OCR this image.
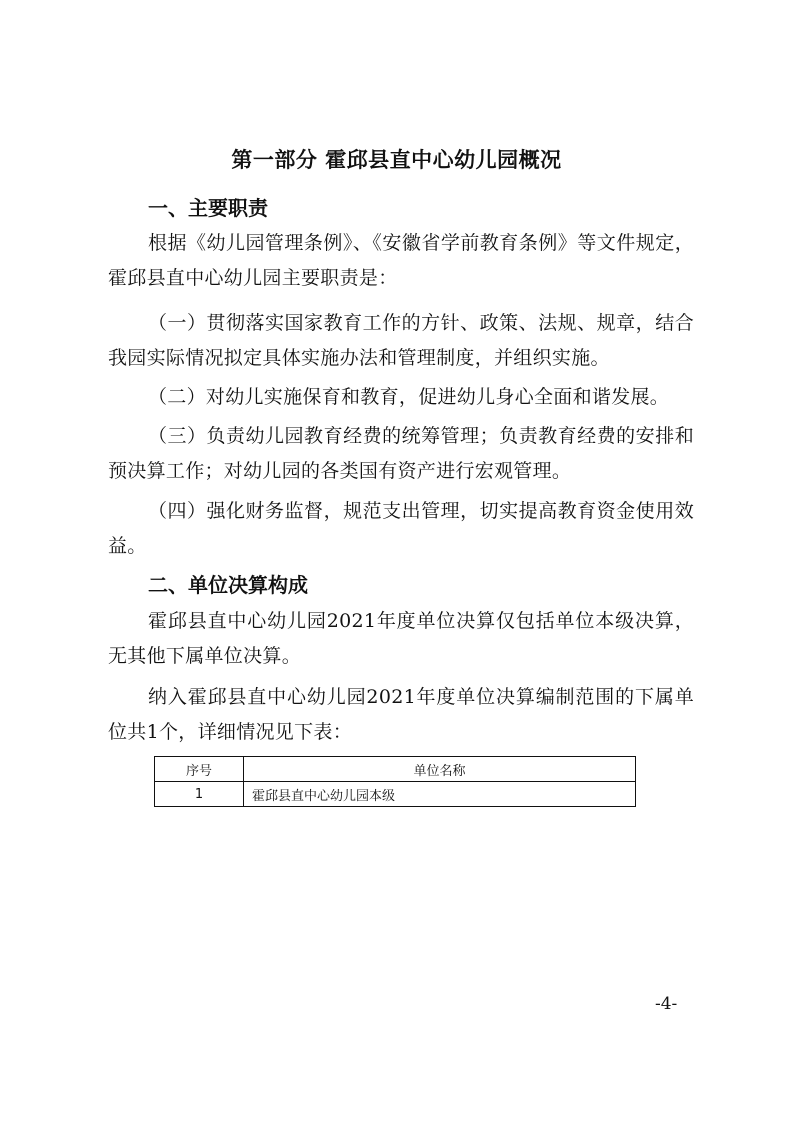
第一部分 霍邱县直中心幼儿园概况
一、主要职责
根据《幼儿园管理条例》、《安徽省学前教育条例》等文件规定，霍邱县直中心幼儿园主要职责是：
（一）贯彻落实国家教育工作的方针、政策、法规、规章，结合我园实际情况拟定具体实施办法和管理制度，并组织实施。
（二）对幼儿实施保育和教育，促进幼儿身心全面和谐发展。
（三）负责幼儿园教育经费的统筹管理；负责教育经费的安排和预决算工作；对幼儿园的各类国有资产进行宏观管理。
（四）强化财务监督，规范支出管理，切实提高教育资金使用效益。
二、单位决算构成
霍邱县直中心幼儿园2021年度单位决算仅包括单位本级决算，无其他下属单位决算。
纳入霍邱县直中心幼儿园2021年度单位决算编制范围的下属单位共1个，详细情况见下表：
序号	单位名称
1	霍邱县直中心幼儿园本级
-4-
